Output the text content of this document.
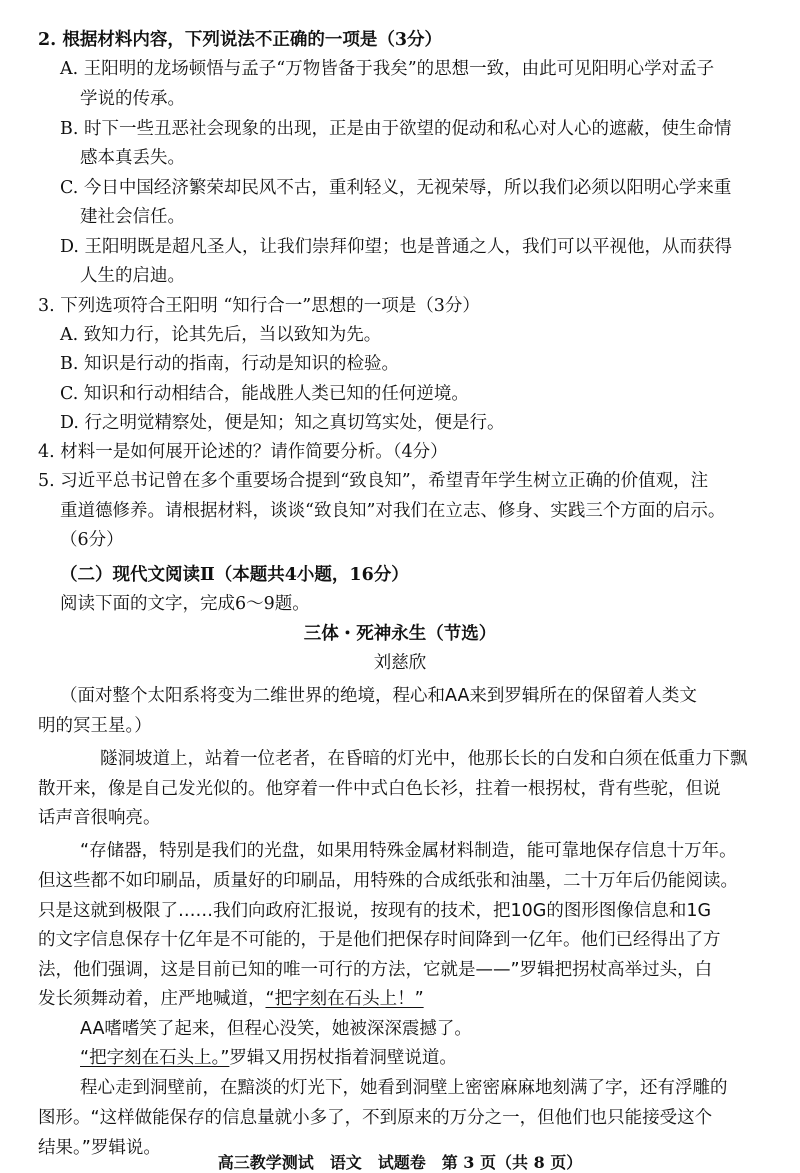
2. 根据材料内容，下列说法不正确的一项是（3分）
A. 王阳明的龙场顿悟与孟子“万物皆备于我矣”的思想一致，由此可见阳明心学对孟子
学说的传承。
B. 时下一些丑恶社会现象的出现，正是由于欲望的促动和私心对人心的遮蔽，使生命情
感本真丢失。
C. 今日中国经济繁荣却民风不古，重利轻义，无视荣辱，所以我们必须以阳明心学来重
建社会信任。
D. 王阳明既是超凡圣人，让我们崇拜仰望；也是普通之人，我们可以平视他，从而获得
人生的启迪。
3. 下列选项符合王阳明 “知行合一”思想的一项是（3分）
A. 致知力行，论其先后，当以致知为先。
B. 知识是行动的指南，行动是知识的检验。
C. 知识和行动相结合，能战胜人类已知的任何逆境。
D. 行之明觉精察处，便是知；知之真切笃实处，便是行。
4. 材料一是如何展开论述的？请作简要分析。（4分）
5. 习近平总书记曾在多个重要场合提到“致良知”，希望青年学生树立正确的价值观，注
重道德修养。请根据材料，谈谈“致良知”对我们在立志、修身、实践三个方面的启示。
（6分）
（二）现代文阅读Ⅱ（本题共4小题，16分）
阅读下面的文字，完成6～9题。
三体・死神永生（节选）
刘慈欣
（面对整个太阳系将变为二维世界的绝境，程心和AA来到罗辑所在的保留着人类文
明的冥王星。）
隧洞坡道上，站着一位老者，在昏暗的灯光中，他那长长的白发和白须在低重力下飘
散开来，像是自己发光似的。他穿着一件中式白色长衫，拄着一根拐杖，背有些驼，但说
话声音很响亮。
“存储器，特别是我们的光盘，如果用特殊金属材料制造，能可靠地保存信息十万年。
但这些都不如印刷品，质量好的印刷品，用特殊的合成纸张和油墨，二十万年后仍能阅读。
只是这就到极限了……我们向政府汇报说，按现有的技术，把10G的图形图像信息和1G
的文字信息保存十亿年是不可能的，于是他们把保存时间降到一亿年。他们已经得出了方
法，他们强调，这是目前已知的唯一可行的方法，它就是——”罗辑把拐杖高举过头，白
发长须舞动着，庄严地喊道，“把字刻在石头上！”
AA嗜嗜笑了起来，但程心没笑，她被深深震撼了。
“把字刻在石头上。”罗辑又用拐杖指着洞壁说道。
程心走到洞壁前，在黯淡的灯光下，她看到洞壁上密密麻麻地刻满了字，还有浮雕的
图形。“这样做能保存的信息量就小多了，不到原来的万分之一，但他们也只能接受这个
结果。”罗辑说。
高三教学测试　语文　试题卷　第 3 页（共 8 页）
